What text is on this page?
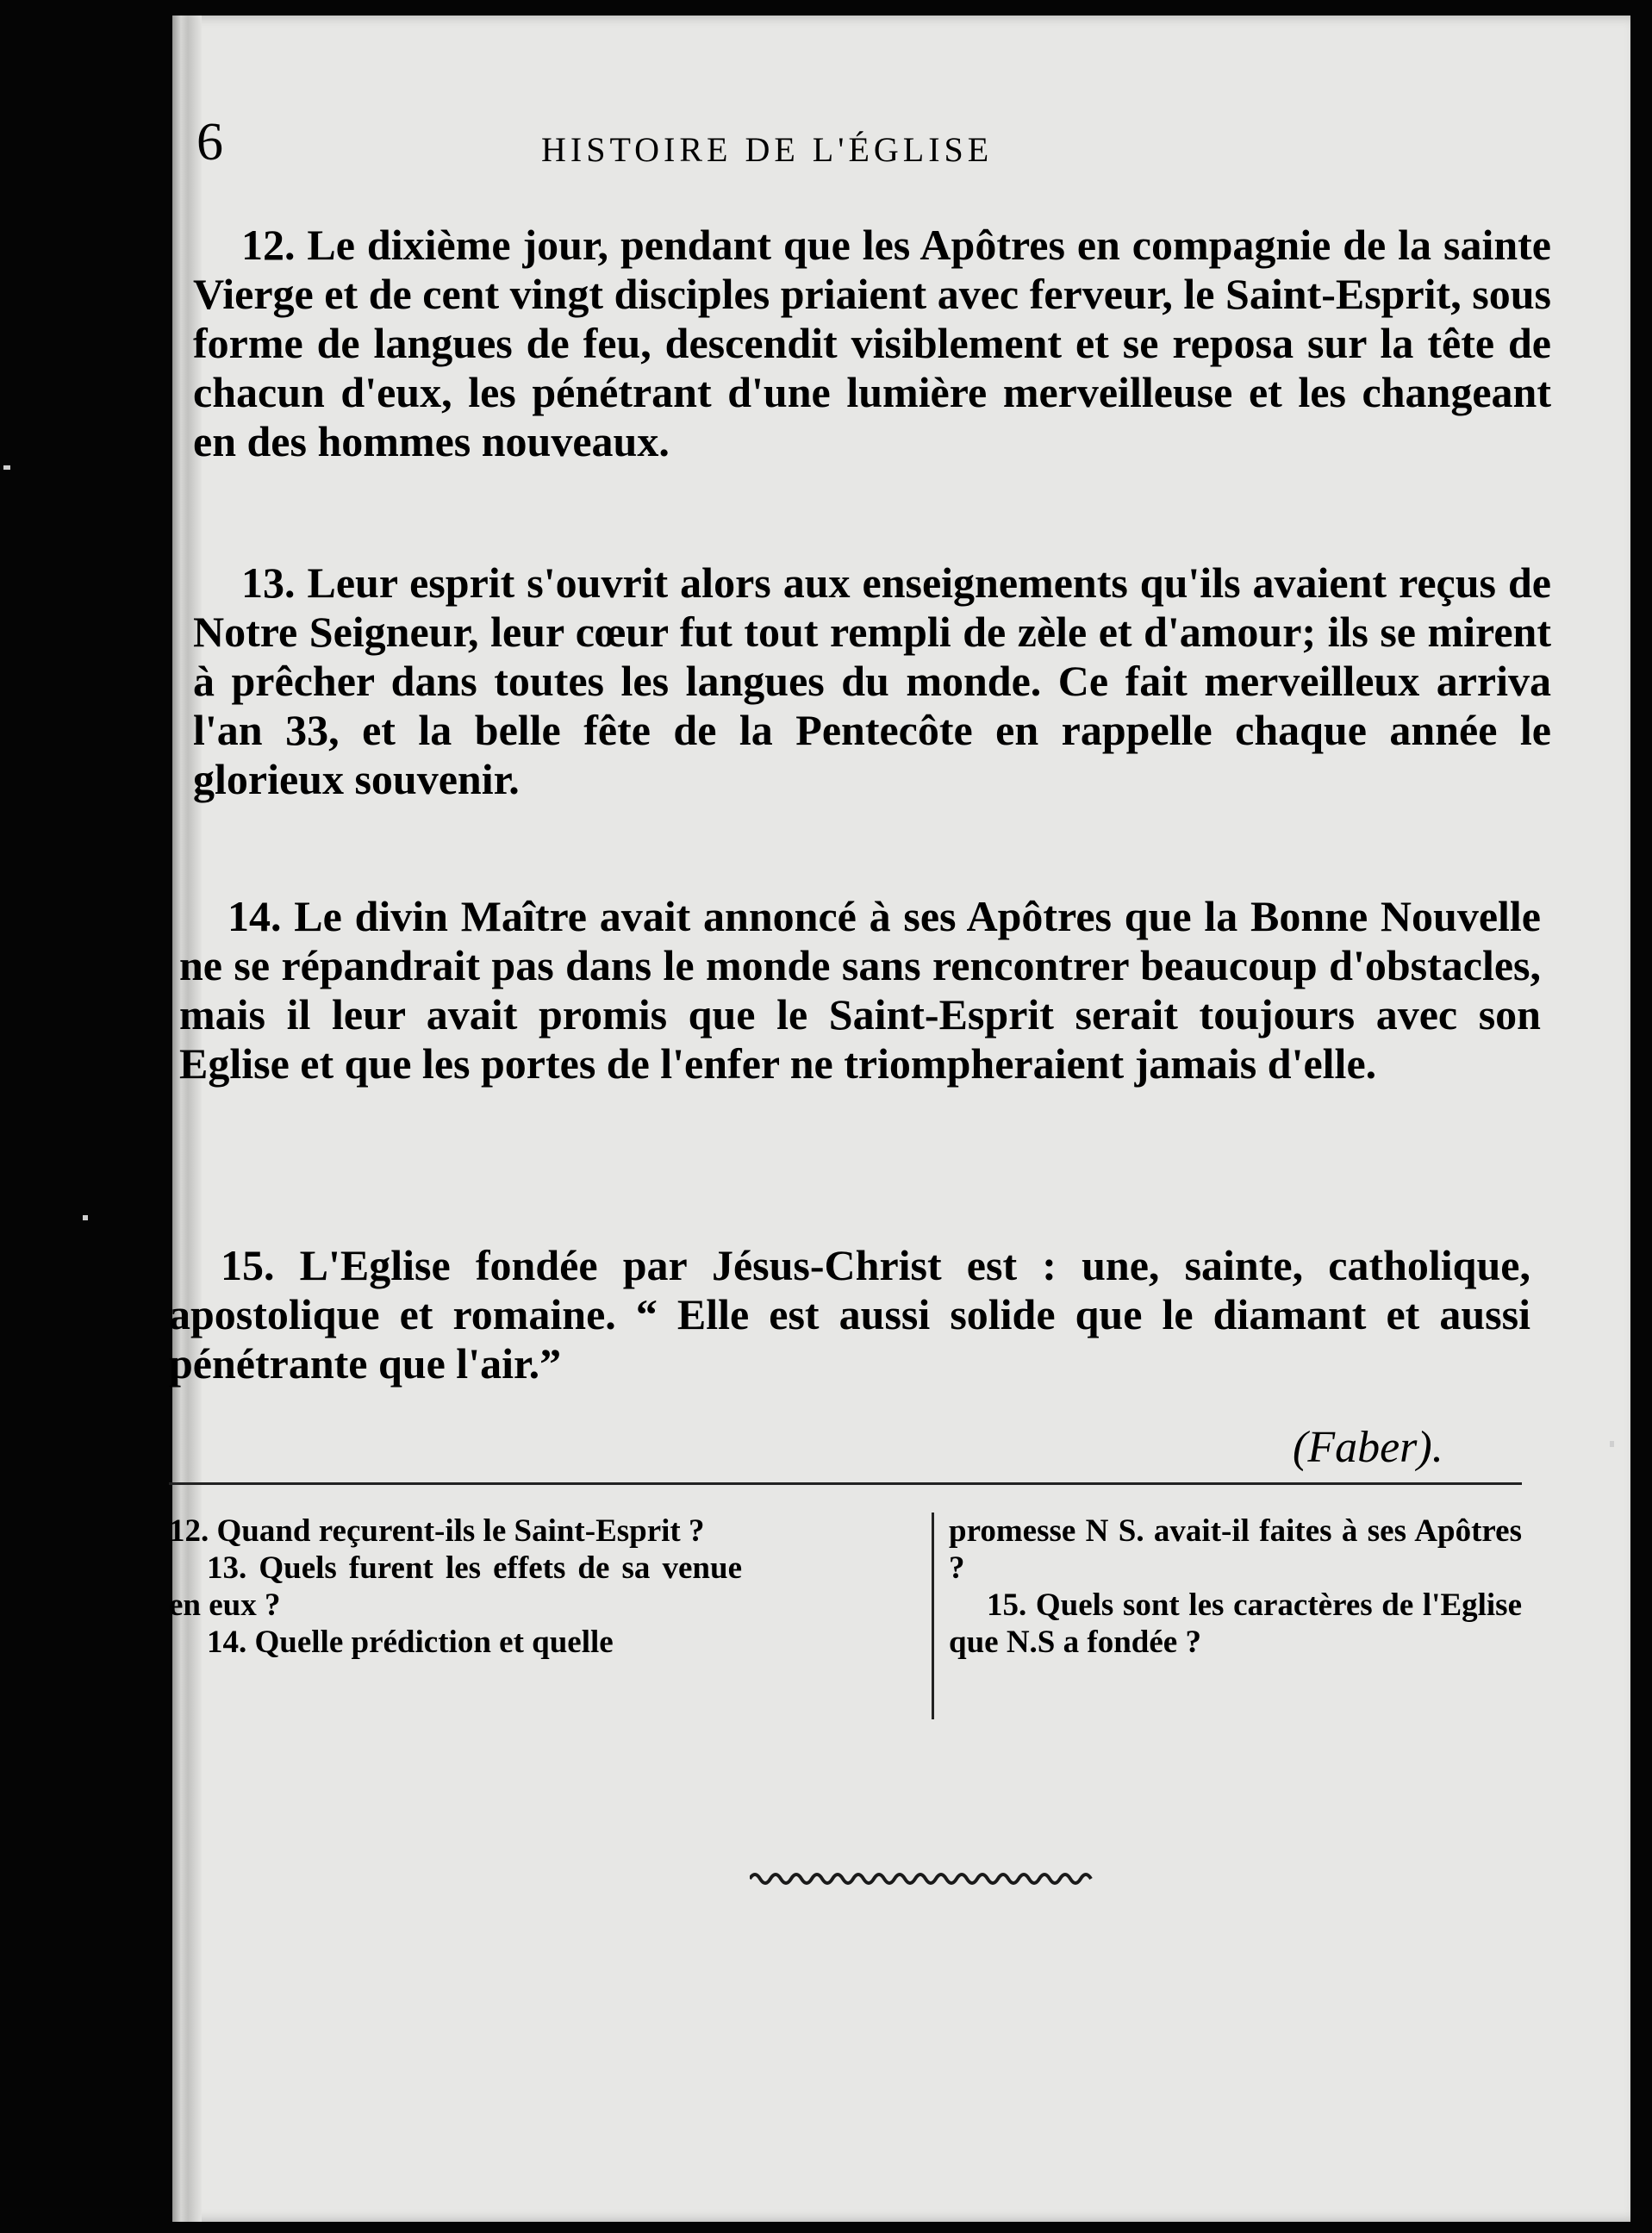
6	HISTOIRE DE L'ÉGLISE

12. Le dixième jour, pendant que les Apôtres en compagnie de la sainte Vierge et de cent vingt disciples priaient avec ferveur, le Saint-Esprit, sous forme de langues de feu, descendit visiblement et se reposa sur la tête de chacun d'eux, les pénétrant d'une lumière merveilleuse et les changeant en des hommes nouveaux.

13. Leur esprit s'ouvrit alors aux enseignements qu'ils avaient reçus de Notre Seigneur, leur cœur fut tout rempli de zèle et d'amour; ils se mirent à prêcher dans toutes les langues du monde. Ce fait merveilleux arriva l'an 33, et la belle fête de la Pentecôte en rappelle chaque année le glorieux souvenir.

14. Le divin Maître avait annoncé à ses Apôtres que la Bonne Nouvelle ne se répandrait pas dans le monde sans rencontrer beaucoup d'obstacles, mais il leur avait promis que le Saint-Esprit serait toujours avec son Eglise et que les portes de l'enfer ne triompheraient jamais d'elle.

15. L'Eglise fondée par Jésus-Christ est : une, sainte, catholique, apostolique et romaine. “ Elle est aussi solide que le diamant et aussi pénétrante que l'air.”

(Faber).

12. Quand reçurent-ils le Saint-Esprit ?

13. Quels furent les effets de sa venue en eux ?

14. Quelle prédiction et quelle

promesse N S. avait-il faites à ses Apôtres ?

15. Quels sont les caractères de l'Eglise que N.S a fondée ?
